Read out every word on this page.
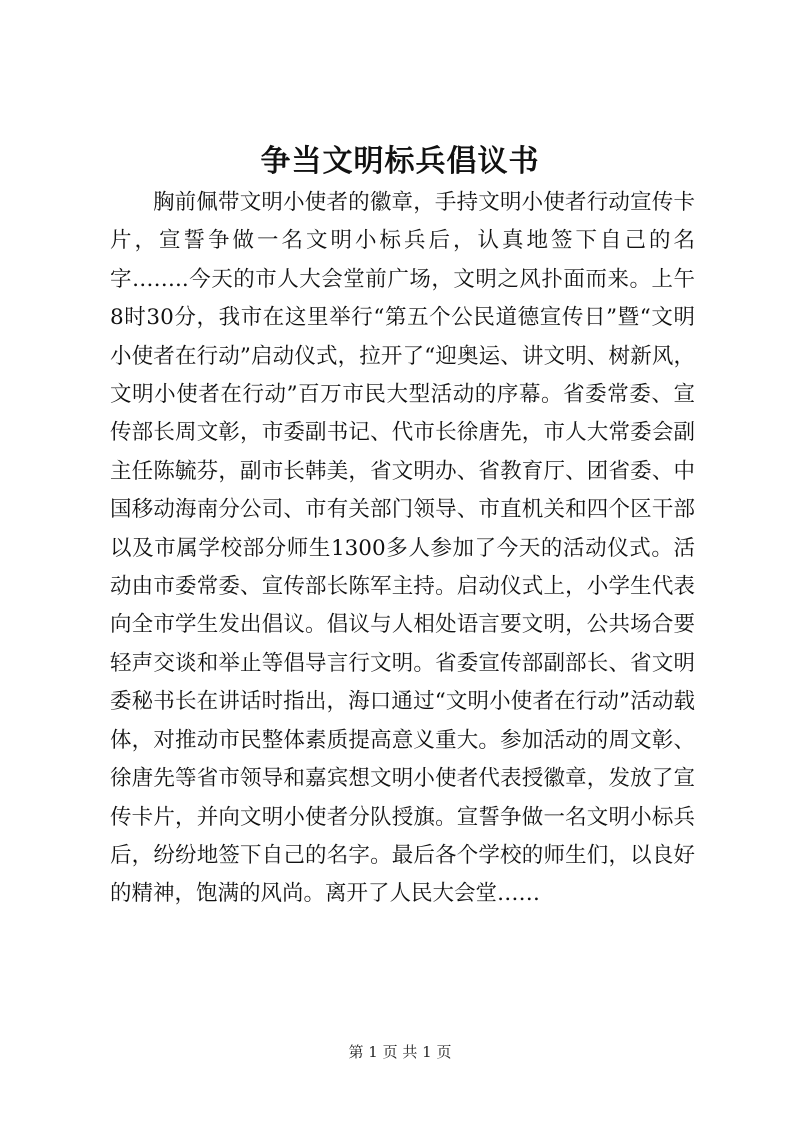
争当文明标兵倡议书

胸前佩带文明小使者的徽章，手持文明小使者行动宣传卡片，宣誓争做一名文明小标兵后，认真地签下自己的名字……..今天的市人大会堂前广场，文明之风扑面而来。上午8时30分，我市在这里举行“第五个公民道德宣传日”暨“文明小使者在行动”启动仪式，拉开了“迎奥运、讲文明、树新风，文明小使者在行动”百万市民大型活动的序幕。省委常委、宣传部长周文彰，市委副书记、代市长徐唐先，市人大常委会副主任陈毓芬，副市长韩美，省文明办、省教育厅、团省委、中国移动海南分公司、市有关部门领导、市直机关和四个区干部以及市属学校部分师生1300多人参加了今天的活动仪式。活动由市委常委、宣传部长陈军主持。启动仪式上，小学生代表向全市学生发出倡议。倡议与人相处语言要文明，公共场合要轻声交谈和举止等倡导言行文明。省委宣传部副部长、省文明委秘书长在讲话时指出，海口通过“文明小使者在行动”活动载体，对推动市民整体素质提高意义重大。参加活动的周文彰、徐唐先等省市领导和嘉宾想文明小使者代表授徽章，发放了宣传卡片，并向文明小使者分队授旗。宣誓争做一名文明小标兵后，纷纷地签下自己的名字。最后各个学校的师生们，以良好的精神，饱满的风尚。离开了人民大会堂……

第 1 页 共 1 页
